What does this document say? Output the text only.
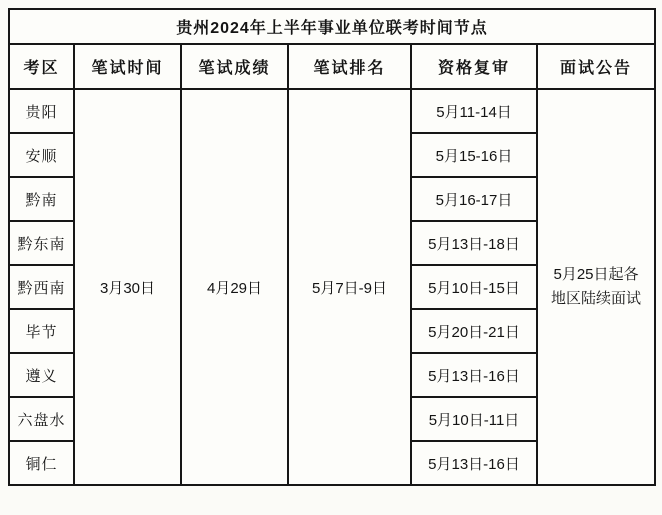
贵州2024年上半年事业单位联考时间节点					
考区	笔试时间	笔试成绩	笔试排名	资格复审	面试公告
贵阳	3月30日	4月29日	5月7日-9日	5月11-14日	5月25日起各地区陆续面试
安顺				5月15-16日	
黔南				5月16-17日	
黔东南				5月13日-18日	
黔西南				5月10日-15日	
毕节				5月20日-21日	
遵义				5月13日-16日	
六盘水				5月10日-11日	
铜仁				5月13日-16日	
